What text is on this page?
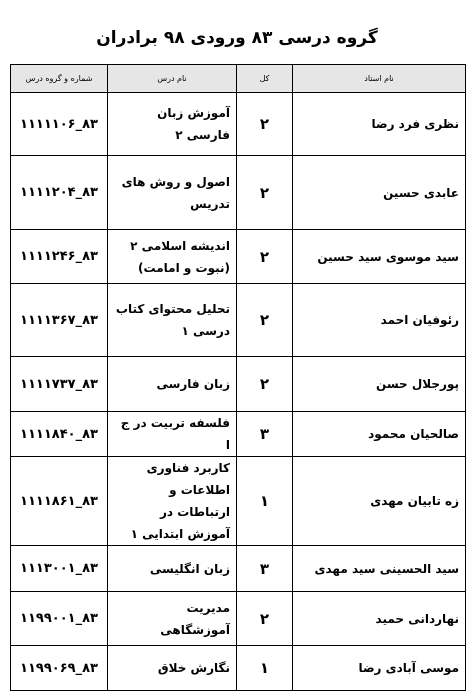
گروه درسی ۸۳ ورودی ۹۸ برادران
شماره و گروه درس	نام درس	کل	نام استاد
۱۱۱۱۱۰۶_۸۳	آموزش زبان فارسی ۲	۲	نظری فرد رضا
۱۱۱۱۲۰۴_۸۳	اصول و روش های تدریس	۲	عابدی حسین
۱۱۱۱۲۴۶_۸۳	اندیشه اسلامی ۲ (نبوت و امامت)	۲	سید موسوی سید حسین
۱۱۱۱۳۶۷_۸۳	تحلیل محتوای کتاب درسی ۱	۲	رئوفیان احمد
۱۱۱۱۷۳۷_۸۳	زبان فارسی	۲	پورجلال حسن
۱۱۱۱۸۴۰_۸۳	فلسفه تربیت در ج ا	۳	صالحیان محمود
۱۱۱۱۸۶۱_۸۳	کاربرد فناوری اطلاعات و ارتباطات در آموزش ابتدایی ۱	۱	زه تابیان مهدی
۱۱۱۳۰۰۱_۸۳	زبان انگلیسی	۳	سید الحسینی سید مهدی
۱۱۹۹۰۰۱_۸۳	مدیریت آموزشگاهی	۲	نهاردانی حمید
۱۱۹۹۰۶۹_۸۳	نگارش خلاق	۱	موسی آبادی رضا
